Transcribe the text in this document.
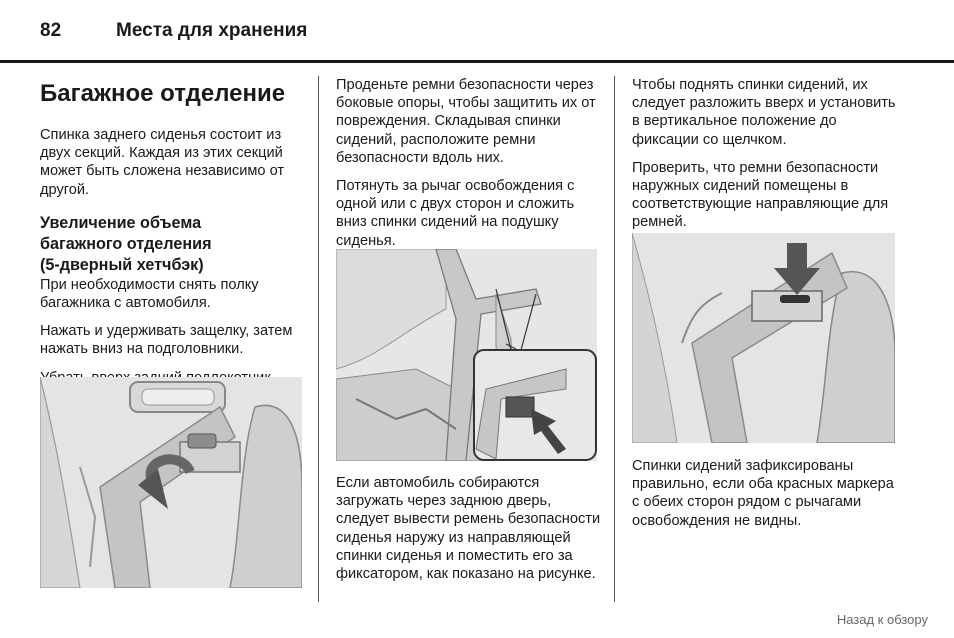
82	Места для хранения
Багажное отделение

Спинка заднего сиденья состоит из двух секций. Каждая из этих секций может быть сложена независимо от другой.

Увеличение объема
багажного отделения
(5-дверный хетчбэк)

При необходимости снять полку багажника с автомобиля.

Нажать и удерживать защелку, затем нажать вниз на подголовники.

Проденьте ремни безопасности через боковые опоры, чтобы защитить их от повреждения. Складывая спинки сидений, расположите ремни безопасности вдоль них.

Потянуть за рычаг освобождения с одной или с двух сторон и сложить вниз спинки сидений на подушку сиденья.

Если автомобиль собираются загружать через заднюю дверь, следует вывести ремень безопасности сиденья наружу из направляющей спинки сиденья и поместить его за фиксатором, как показано на рисунке.

Чтобы поднять спинки сидений, их следует разложить вверх и установить в вертикальное положение до фиксации со щелчком.

Проверить, что ремни безопасности наружных сидений помещены в соответствующие направляющие для ремней.

Спинки сидений зафиксированы правильно, если оба красных маркера с обеих сторон рядом с рычагами освобождения не видны.

Назад к обзору
